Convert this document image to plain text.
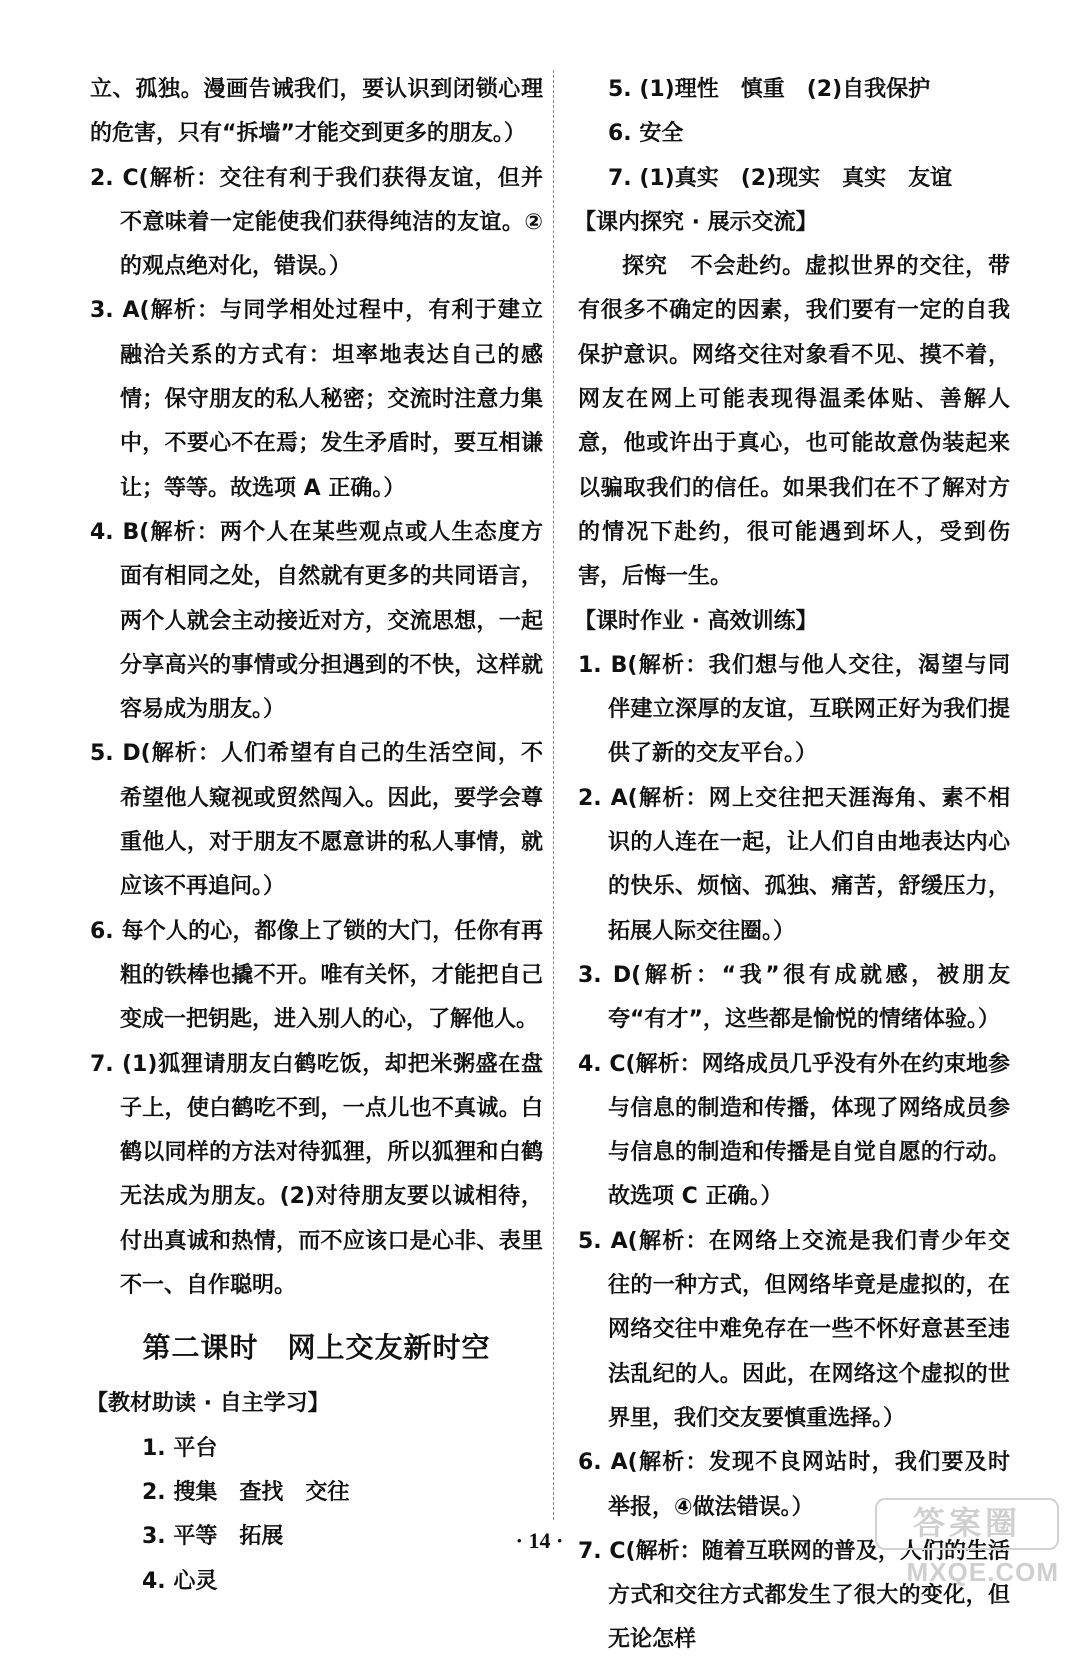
立、孤独。漫画告诫我们，要认识到闭锁心理的危害，只有“拆墙”才能交到更多的朋友。）

2. C(解析：交往有利于我们获得友谊，但并不意味着一定能使我们获得纯洁的友谊。②的观点绝对化，错误。）

3. A(解析：与同学相处过程中，有利于建立融洽关系的方式有：坦率地表达自己的感情；保守朋友的私人秘密；交流时注意力集中，不要心不在焉；发生矛盾时，要互相谦让；等等。故选项 A 正确。）

4. B(解析：两个人在某些观点或人生态度方面有相同之处，自然就有更多的共同语言，两个人就会主动接近对方，交流思想，一起分享高兴的事情或分担遇到的不快，这样就容易成为朋友。）

5. D(解析：人们希望有自己的生活空间，不希望他人窥视或贸然闯入。因此，要学会尊重他人，对于朋友不愿意讲的私人事情，就应该不再追问。）

6. 每个人的心，都像上了锁的大门，任你有再粗的铁棒也撬不开。唯有关怀，才能把自己变成一把钥匙，进入别人的心，了解他人。

7. (1)狐狸请朋友白鹤吃饭，却把米粥盛在盘子上，使白鹤吃不到，一点儿也不真诚。白鹤以同样的方法对待狐狸，所以狐狸和白鹤无法成为朋友。(2)对待朋友要以诚相待，付出真诚和热情，而不应该口是心非、表里不一、自作聪明。

第二课时　网上交友新时空

【教材助读 · 自主学习】

1. 平台

2. 搜集　查找　交往

3. 平等　拓展

4. 心灵

5. (1)理性　慎重　(2)自我保护

6. 安全

7. (1)真实　(2)现实　真实　友谊

【课内探究 · 展示交流】

探究　不会赴约。虚拟世界的交往，带有很多不确定的因素，我们要有一定的自我保护意识。网络交往对象看不见、摸不着，网友在网上可能表现得温柔体贴、善解人意，他或许出于真心，也可能故意伪装起来以骗取我们的信任。如果我们在不了解对方的情况下赴约，很可能遇到坏人，受到伤害，后悔一生。

【课时作业 · 高效训练】

1. B(解析：我们想与他人交往，渴望与同伴建立深厚的友谊，互联网正好为我们提供了新的交友平台。）

2. A(解析：网上交往把天涯海角、素不相识的人连在一起，让人们自由地表达内心的快乐、烦恼、孤独、痛苦，舒缓压力，拓展人际交往圈。）

3. D(解析：“我”很有成就感，被朋友夸“有才”，这些都是愉悦的情绪体验。）

4. C(解析：网络成员几乎没有外在约束地参与信息的制造和传播，体现了网络成员参与信息的制造和传播是自觉自愿的行动。故选项 C 正确。）

5. A(解析：在网络上交流是我们青少年交往的一种方式，但网络毕竟是虚拟的，在网络交往中难免存在一些不怀好意甚至违法乱纪的人。因此，在网络这个虚拟的世界里，我们交友要慎重选择。）

6. A(解析：发现不良网站时，我们要及时举报，④做法错误。）

7. C(解析：随着互联网的普及，人们的生活方式和交往方式都发生了很大的变化，但无论怎样

· 14 ·	答案圈
MXQE.COM
